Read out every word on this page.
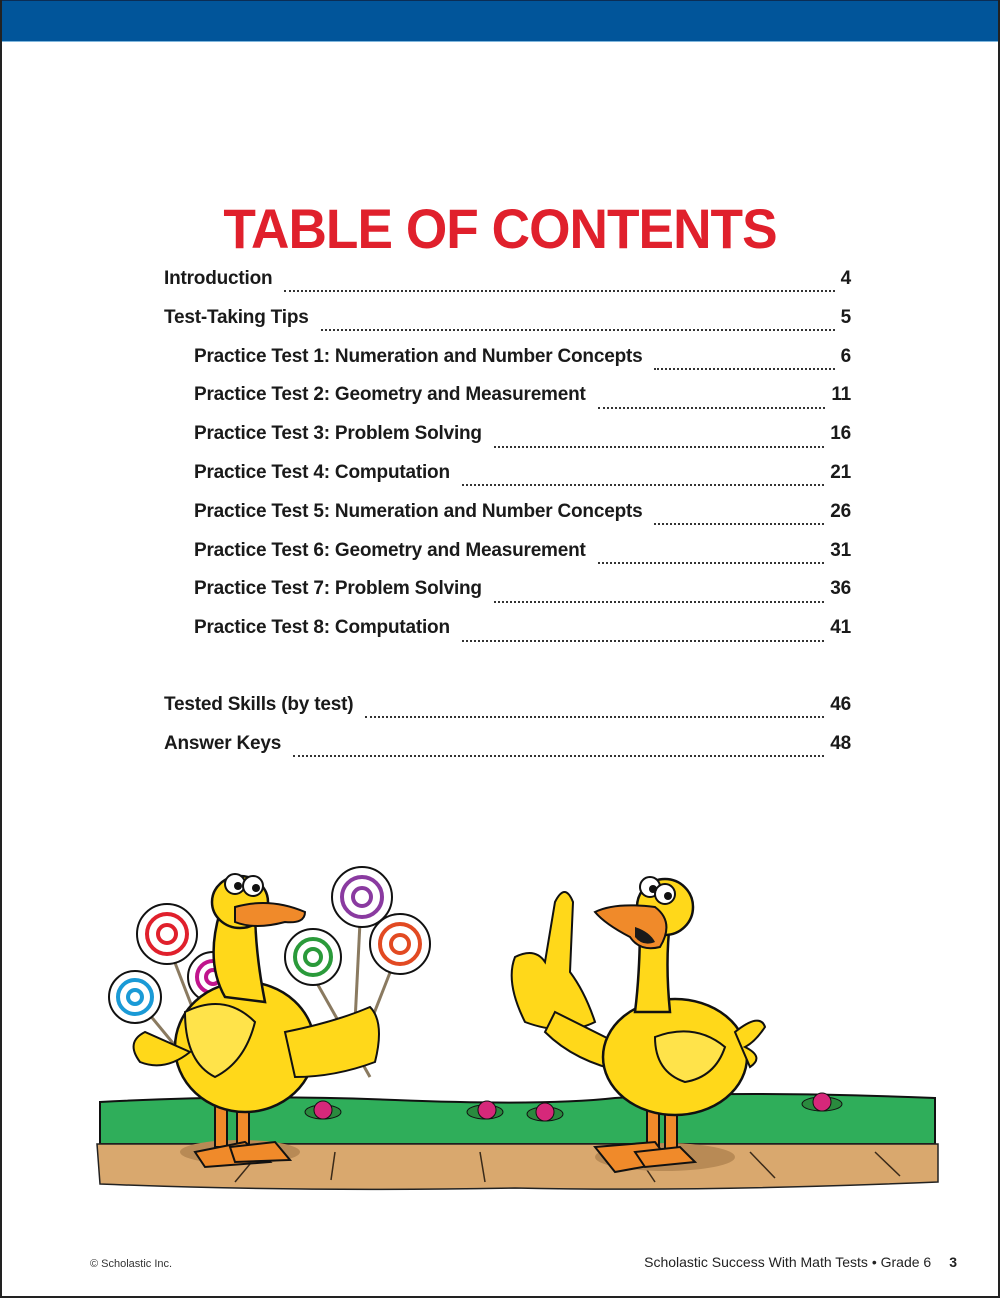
TABLE OF CONTENTS
Introduction	4
Test-Taking Tips	5
Practice Test 1: Numeration and Number Concepts	6
Practice Test 2: Geometry and Measurement	11
Practice Test 3: Problem Solving	16
Practice Test 4: Computation	21
Practice Test 5: Numeration and Number Concepts	26
Practice Test 6: Geometry and Measurement	31
Practice Test 7: Problem Solving	36
Practice Test 8: Computation	41
Tested Skills (by test)	46
Answer Keys	48
© Scholastic Inc.	Scholastic Success With Math Tests • Grade 6 3
